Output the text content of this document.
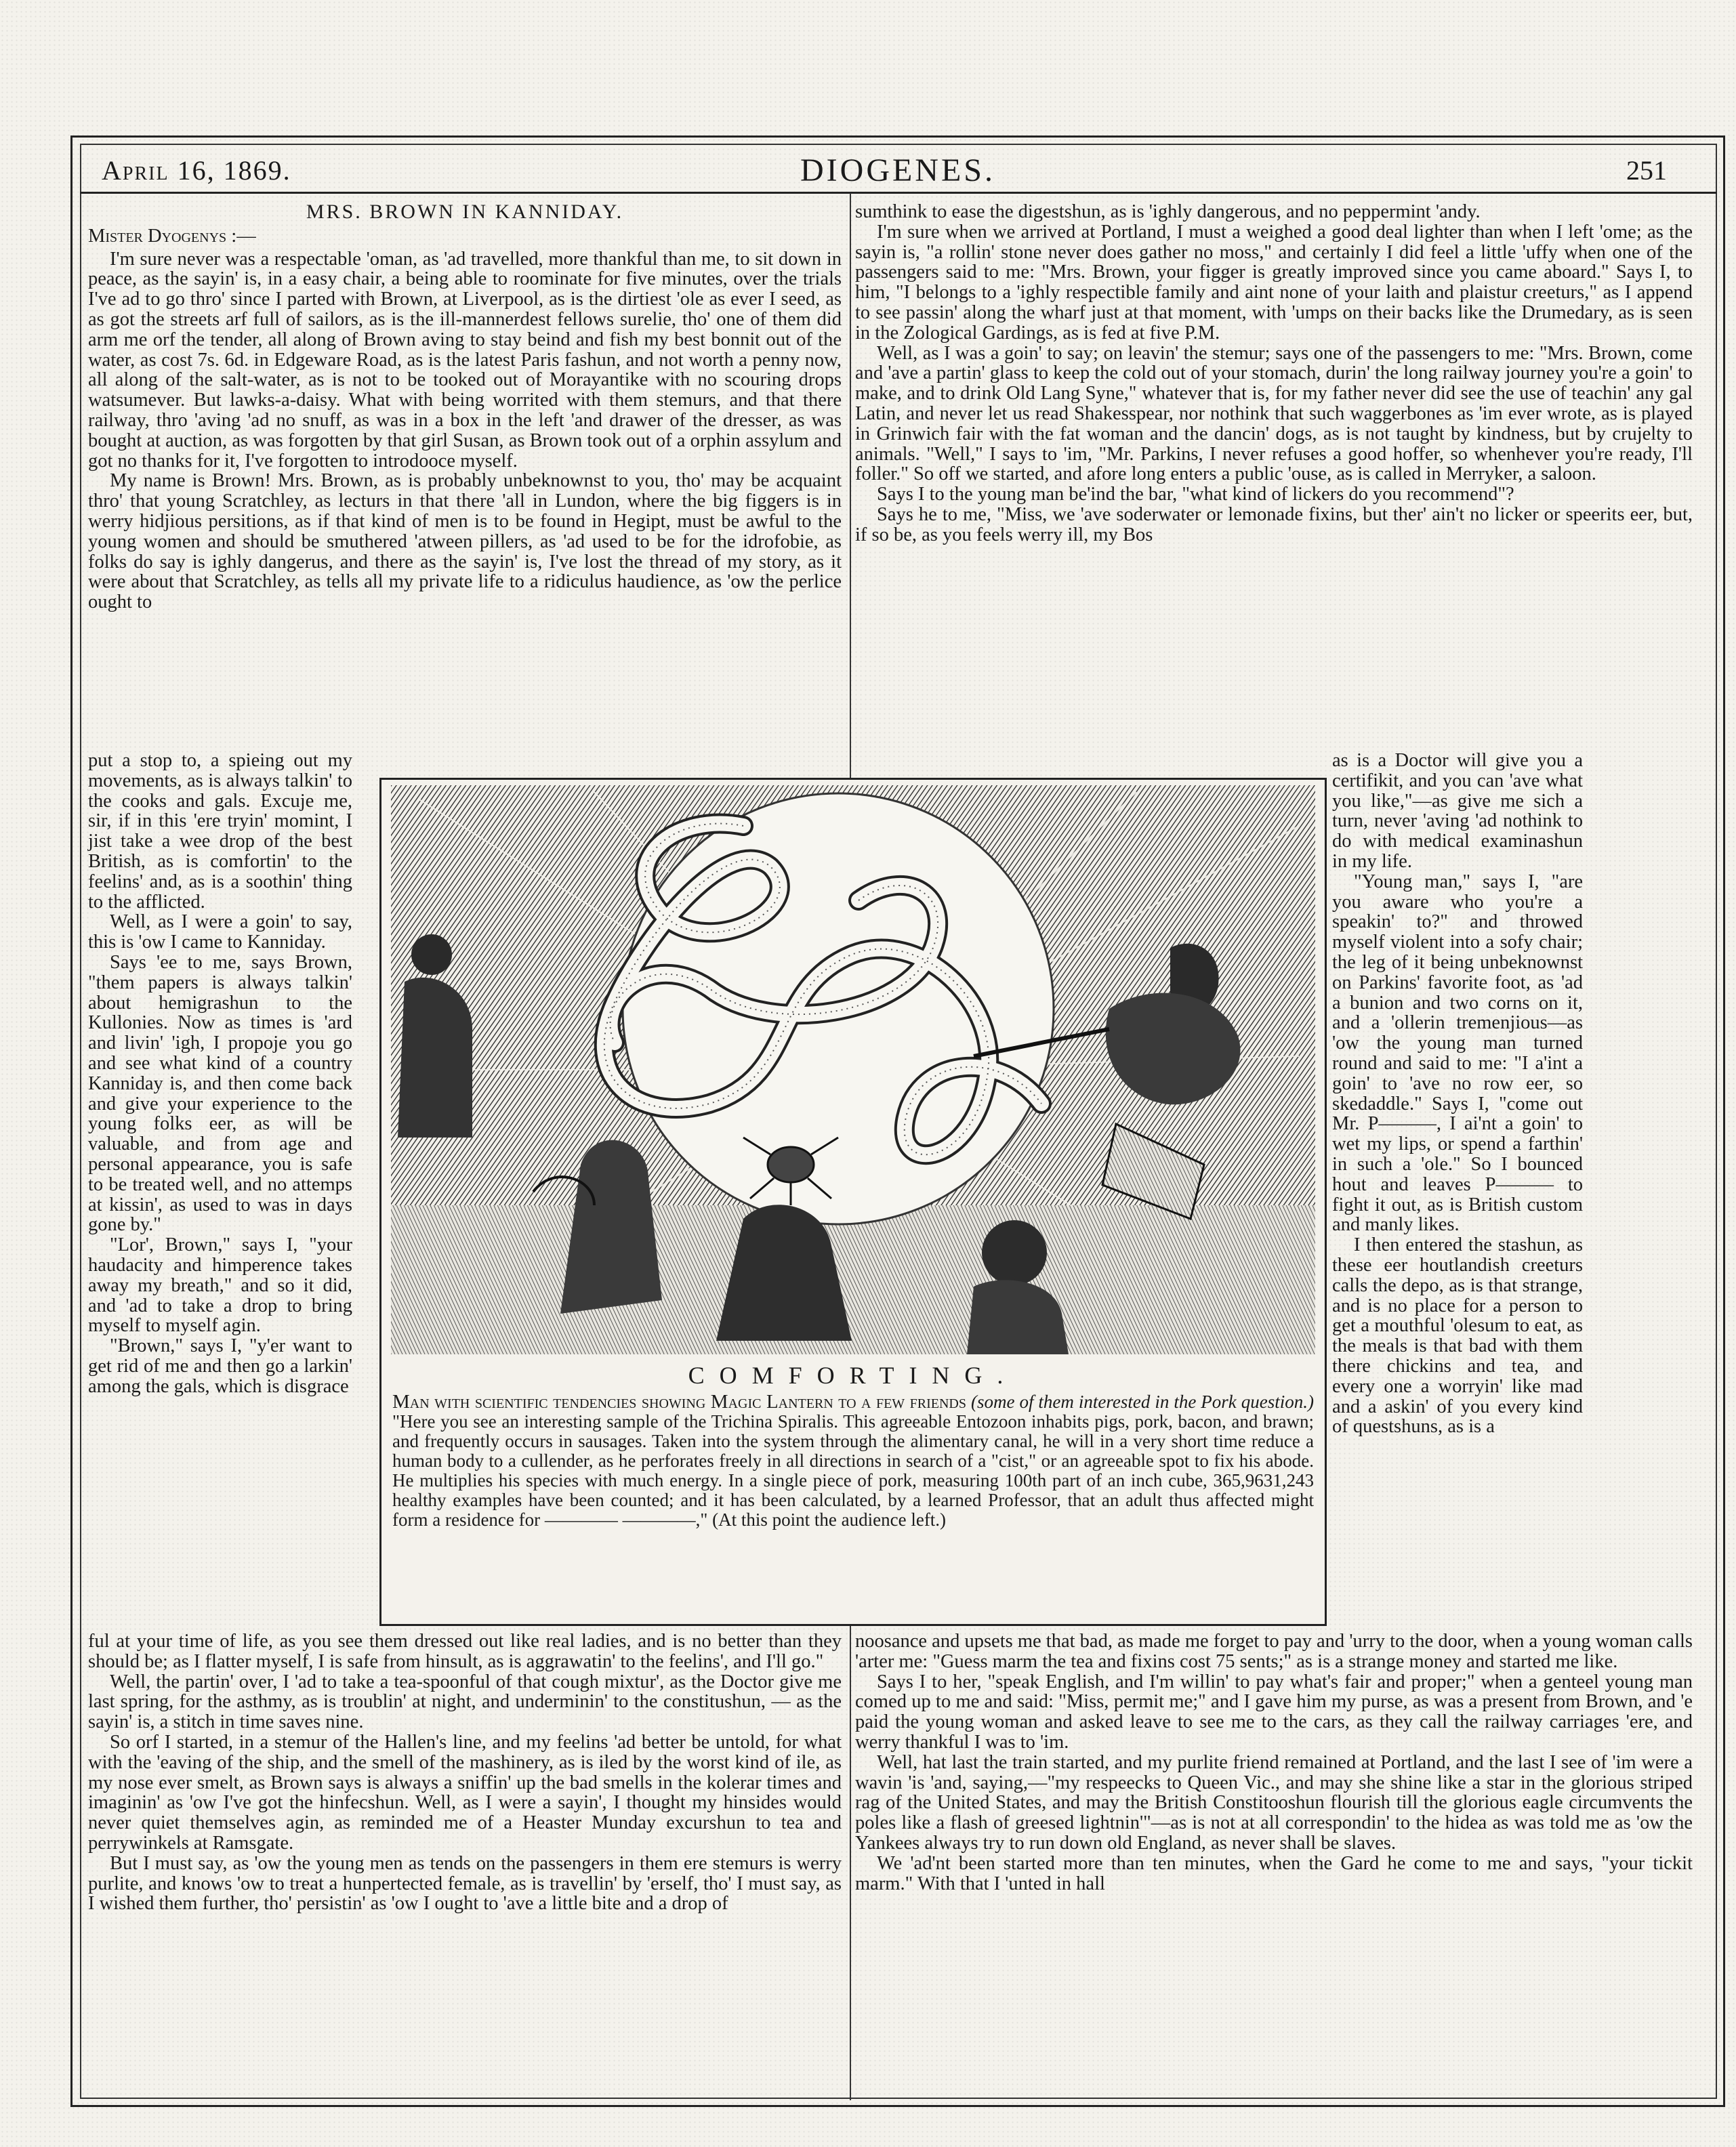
April 16, 1869.	DIOGENES.	251

MRS. BROWN IN KANNIDAY.

Mister Dyogenys :—

I'm sure never was a respectable 'oman, as 'ad travelled, more thankful than me, to sit down in peace, as the sayin' is, in a easy chair, a being able to roominate for five minutes, over the trials I've ad to go thro' since I parted with Brown, at Liverpool, as is the dirtiest 'ole as ever I seed, as as got the streets arf full of sailors, as is the ill-mannerdest fellows surelie, tho' one of them did arm me orf the tender, all along of Brown aving to stay beind and fish my best bonnit out of the water, as cost 7s. 6d. in Edgeware Road, as is the latest Paris fashun, and not worth a penny now, all along of the salt-water, as is not to be tooked out of Morayantike with no scouring drops watsumever. But lawks-a-daisy. What with being worrited with them stemurs, and that there railway, thro 'aving 'ad no snuff, as was in a box in the left 'and drawer of the dresser, as was bought at auction, as was forgotten by that girl Susan, as Brown took out of a orphin assylum and got no thanks for it, I've forgotten to introdooce myself.

My name is Brown! Mrs. Brown, as is probably unbeknownst to you, tho' may be acquaint thro' that young Scratchley, as lecturs in that there 'all in Lundon, where the big figgers is in werry hidjious persitions, as if that kind of men is to be found in Hegipt, must be awful to the young women and should be smuthered 'atween pillers, as 'ad used to be for the idrofobie, as folks do say is ighly dangerus, and there as the sayin' is, I've lost the thread of my story, as it were about that Scratchley, as tells all my private life to a ridiculus haudience, as 'ow the perlice ought to

put a stop to, a spieing out my movements, as is always talkin' to the cooks and gals. Excuje me, sir, if in this 'ere tryin' momint, I jist take a wee drop of the best British, as is comfortin' to the feelins' and, as is a soothin' thing to the afflicted.

Well, as I were a goin' to say, this is 'ow I came to Kanniday.

Says 'ee to me, says Brown, "them papers is always talkin' about hemigrashun to the Kullonies. Now as times is 'ard and livin' 'igh, I propoje you go and see what kind of a country Kanniday is, and then come back and give your experience to the young folks eer, as will be valuable, and from age and personal appearance, you is safe to be treated well, and no attemps at kissin', as used to was in days gone by."

"Lor', Brown," says I, "your haudacity and himperence takes away my breath," and so it did, and 'ad to take a drop to bring myself to myself agin.

"Brown," says I, "y'er want to get rid of me and then go a larkin' among the gals, which is disgrace

ful at your time of life, as you see them dressed out like real ladies, and is no better than they should be; as I flatter myself, I is safe from hinsult, as is aggrawatin' to the feelins', and I'll go."

Well, the partin' over, I 'ad to take a tea-spoonful of that cough mixtur', as the Doctor give me last spring, for the asthmy, as is troublin' at night, and underminin' to the constitushun, — as the sayin' is, a stitch in time saves nine.

So orf I started, in a stemur of the Hallen's line, and my feelins 'ad better be untold, for what with the 'eaving of the ship, and the smell of the mashinery, as is iled by the worst kind of ile, as my nose ever smelt, as Brown says is always a sniffin' up the bad smells in the kolerar times and imaginin' as 'ow I've got the hinfecshun. Well, as I were a sayin', I thought my hinsides would never quiet themselves agin, as reminded me of a Heaster Munday excurshun to tea and perrywinkels at Ramsgate.

But I must say, as 'ow the young men as tends on the passengers in them ere stemurs is werry purlite, and knows 'ow to treat a hunpertected female, as is travellin' by 'erself, tho' I must say, as I wished them further, tho' persistin' as 'ow I ought to 'ave a little bite and a drop of

sumthink to ease the digestshun, as is 'ighly dangerous, and no peppermint 'andy.

I'm sure when we arrived at Portland, I must a weighed a good deal lighter than when I left 'ome; as the sayin is, "a rollin' stone never does gather no moss," and certainly I did feel a little 'uffy when one of the passengers said to me: "Mrs. Brown, your figger is greatly improved since you came aboard." Says I, to him, "I belongs to a 'ighly respectible family and aint none of your laith and plaistur creeturs," as I append to see passin' along the wharf just at that moment, with 'umps on their backs like the Drumedary, as is seen in the Zological Gardings, as is fed at five P.M.

Well, as I was a goin' to say; on leavin' the stemur; says one of the passengers to me: "Mrs. Brown, come and 'ave a partin' glass to keep the cold out of your stomach, durin' the long railway journey you're a goin' to make, and to drink Old Lang Syne," whatever that is, for my father never did see the use of teachin' any gal Latin, and never let us read Shakesspear, nor nothink that such waggerbones as 'im ever wrote, as is played in Grinwich fair with the fat woman and the dancin' dogs, as is not taught by kindness, but by crujelty to animals. "Well," I says to 'im, "Mr. Parkins, I never refuses a good hoffer, so whenhever you're ready, I'll foller." So off we started, and afore long enters a public 'ouse, as is called in Merryker, a saloon.

Says I to the young man be'ind the bar, "what kind of lickers do you recommend"?

Says he to me, "Miss, we 'ave soderwater or lemonade fixins, but ther' ain't no licker or speerits eer, but, if so be, as you feels werry ill, my Bos

as is a Doctor will give you a certifikit, and you can 'ave what you like,"—as give me sich a turn, never 'aving 'ad nothink to do with medical examinashun in my life.

"Young man," says I, "are you aware who you're a speakin' to?" and throwed myself violent into a sofy chair; the leg of it being unbeknownst on Parkins' favorite foot, as 'ad a bunion and two corns on it, and a 'ollerin tremenjious—as 'ow the young man turned round and said to me: "I a'int a goin' to 'ave no row eer, so skedaddle." Says I, "come out Mr. P———, I ai'nt a goin' to wet my lips, or spend a farthin' in such a 'ole." So I bounced hout and leaves P——— to fight it out, as is British custom and manly likes.

I then entered the stashun, as these eer houtlandish creeturs calls the depo, as is that strange, and is no place for a person to get a mouthful 'olesum to eat, as the meals is that bad with them there chickins and tea, and every one a worryin' like mad and a askin' of you every kind of questshuns, as is a

noosance and upsets me that bad, as made me forget to pay and 'urry to the door, when a young woman calls 'arter me: "Guess marm the tea and fixins cost 75 sents;" as is a strange money and started me like.

Says I to her, "speak English, and I'm willin' to pay what's fair and proper;" when a genteel young man comed up to me and said: "Miss, permit me;" and I gave him my purse, as was a present from Brown, and 'e paid the young woman and asked leave to see me to the cars, as they call the railway carriages 'ere, and werry thankful I was to 'im.

Well, hat last the train started, and my purlite friend remained at Portland, and the last I see of 'im were a wavin 'is 'and, saying,—"my respeecks to Queen Vic., and may she shine like a star in the glorious striped rag of the United States, and may the British Constitooshun flourish till the glorious eagle circumvents the poles like a flash of greesed lightnin'"—as is not at all correspondin' to the hidea as was told me as 'ow the Yankees always try to run down old England, as never shall be slaves.

We 'ad'nt been started more than ten minutes, when the Gard he come to me and says, "your tickit marm." With that I 'unted in hall

COMFORTING.
Man with scientific tendencies showing Magic Lantern to a few friends (some of them interested in the Pork question.) "Here you see an interesting sample of the Trichina Spiralis. This agreeable Entozoon inhabits pigs, pork, bacon, and brawn; and frequently occurs in sausages. Taken into the system through the alimentary canal, he will in a very short time reduce a human body to a cullender, as he perforates freely in all directions in search of a "cist," or an agreeable spot to fix his abode. He multiplies his species with much energy. In a single piece of pork, measuring 100th part of an inch cube, 365,9631,243 healthy examples have been counted; and it has been calculated, by a learned Professor, that an adult thus affected might form a residence for ———— ————," (At this point the audience left.)
